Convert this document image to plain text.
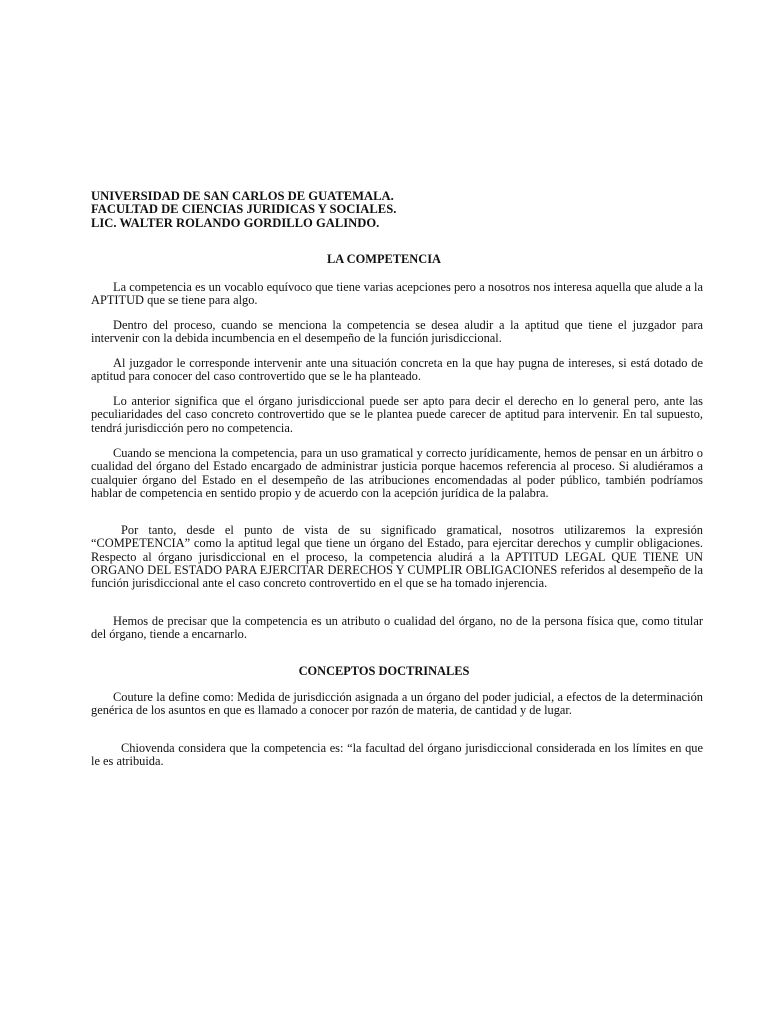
UNIVERSIDAD DE SAN CARLOS DE GUATEMALA.
FACULTAD DE CIENCIAS JURIDICAS Y SOCIALES.
LIC. WALTER ROLANDO GORDILLO GALINDO.
LA COMPETENCIA

La competencia es un vocablo equívoco que tiene varias acepciones pero a nosotros nos interesa aquella que alude a la APTITUD que se tiene para algo.

Dentro del proceso, cuando se menciona la competencia se desea aludir a la aptitud que tiene el juzgador para intervenir con la debida incumbencia en el desempeño de la función jurisdiccional.

Al juzgador le corresponde intervenir ante una situación concreta en la que hay pugna de intereses, si está dotado de aptitud para conocer del caso controvertido que se le ha planteado.

Lo anterior significa que el órgano jurisdiccional puede ser apto para decir el derecho en lo general pero, ante las peculiaridades del caso concreto controvertido que se le plantea puede carecer de aptitud para intervenir. En tal supuesto, tendrá jurisdicción pero no competencia.

Cuando se menciona la competencia, para un uso gramatical y correcto jurídicamente, hemos de pensar en un árbitro o cualidad del órgano del Estado encargado de administrar justicia porque hacemos referencia al proceso. Si aludiéramos a cualquier órgano del Estado en el desempeño de las atribuciones encomendadas al poder público, también podríamos hablar de competencia en sentido propio y de acuerdo con la acepción jurídica de la palabra.

Por tanto, desde el punto de vista de su significado gramatical, nosotros utilizaremos la expresión “COMPETENCIA” como la aptitud legal que tiene un órgano del Estado, para ejercitar derechos y cumplir obligaciones. Respecto al órgano jurisdiccional en el proceso, la competencia aludirá a la APTITUD LEGAL QUE TIENE UN ORGANO DEL ESTADO PARA EJERCITAR DERECHOS Y CUMPLIR OBLIGACIONES referidos al desempeño de la función jurisdiccional ante el caso concreto controvertido en el que se ha tomado injerencia.

Hemos de precisar que la competencia es un atributo o cualidad del órgano, no de la persona física que, como titular del órgano, tiende a encarnarlo.

CONCEPTOS DOCTRINALES

Couture la define como: Medida de jurisdicción asignada a un órgano del poder judicial, a efectos de la determinación genérica de los asuntos en que es llamado a conocer por razón de materia, de cantidad y de lugar.

Chiovenda considera que la competencia es: “la facultad del órgano jurisdiccional considerada en los límites en que le es atribuida.
